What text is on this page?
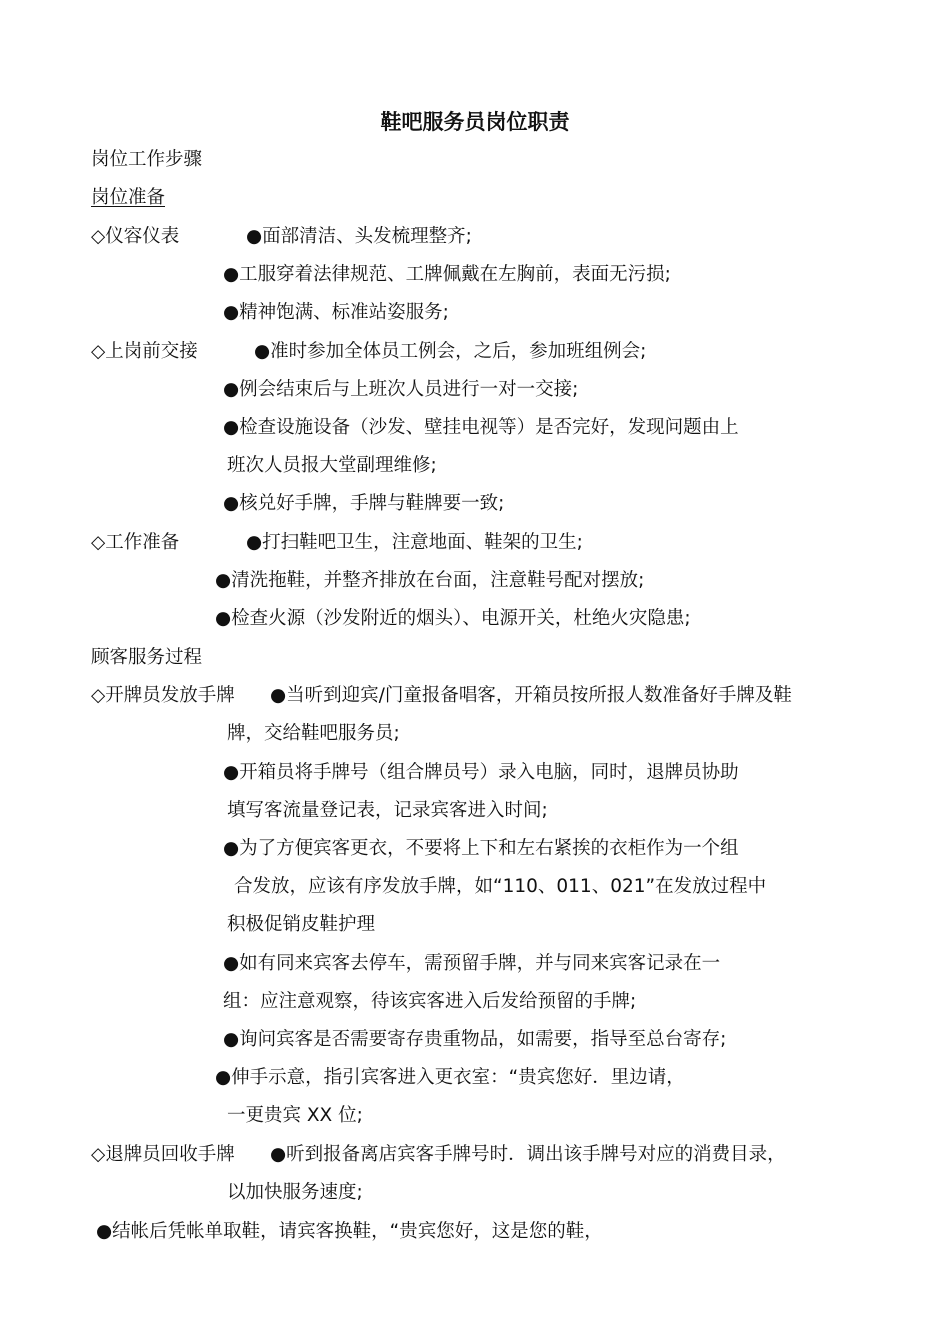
鞋吧服务员岗位职责
岗位工作步骤
岗位准备
◇仪容仪表	●面部清洁、头发梳理整齐;
●工服穿着法律规范、工牌佩戴在左胸前，表面无污损;
●精神饱满、标准站姿服务;
◇上岗前交接	●准时参加全体员工例会，之后，参加班组例会;
●例会结束后与上班次人员进行一对一交接;
●检查设施设备（沙发、壁挂电视等）是否完好，发现问题由上
班次人员报大堂副理维修;
●核兑好手牌，手牌与鞋牌要一致;
◇工作准备	●打扫鞋吧卫生，注意地面、鞋架的卫生;
●清洗拖鞋，并整齐排放在台面，注意鞋号配对摆放;
●检查火源（沙发附近的烟头）、电源开关，杜绝火灾隐患;
顾客服务过程
◇开牌员发放手牌 ●当听到迎宾/门童报备唱客，开箱员按所报人数准备好手牌及鞋
牌，交给鞋吧服务员;
●开箱员将手牌号（组合牌员号）录入电脑，同时，退牌员协助
填写客流量登记表，记录宾客进入时间;
●为了方便宾客更衣，不要将上下和左右紧挨的衣柜作为一个组
合发放，应该有序发放手牌，如“110、011、021”在发放过程中
积极促销皮鞋护理
●如有同来宾客去停车，需预留手牌，并与同来宾客记录在一
组：应注意观察，待该宾客进入后发给预留的手牌;
●询问宾客是否需要寄存贵重物品，如需要，指导至总台寄存;
●伸手示意，指引宾客进入更衣室：“贵宾您好．里边请，
一更贵宾 XX 位;
◇退牌员回收手牌 ●听到报备离店宾客手牌号时．调出该手牌号对应的消费目录，
以加快服务速度;
●结帐后凭帐单取鞋，请宾客换鞋，“贵宾您好，这是您的鞋，
